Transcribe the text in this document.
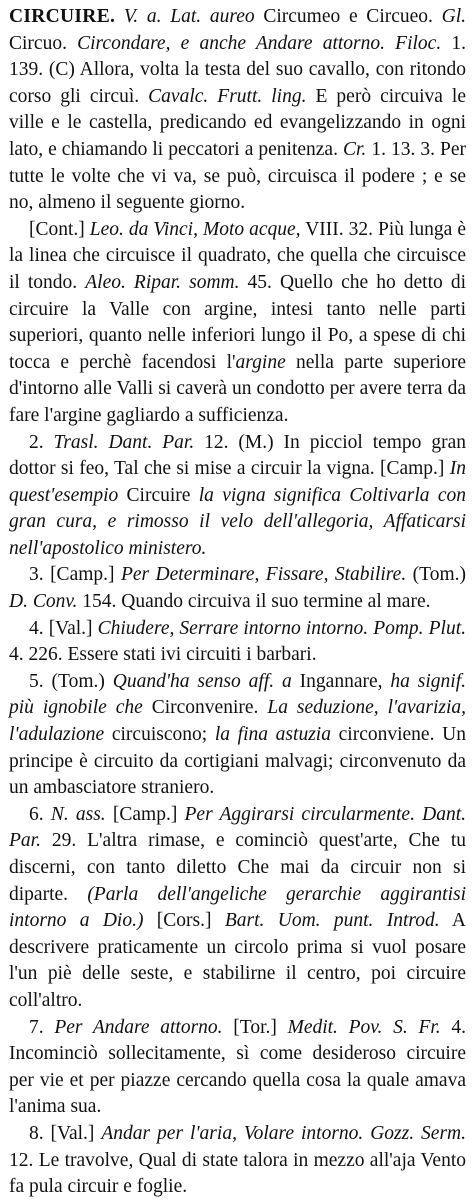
CIRCUIRE. V. a. Lat. aureo Circumeo e Circueo. Gl. Circuo. Circondare, e anche Andare attorno. Filoc. 1. 139. (C) Allora, volta la testa del suo cavallo, con ritondo corso gli circuì. Cavalc. Frutt. ling. E però circuiva le ville e le castella, predicando ed evangelizzando in ogni lato, e chiamando li peccatori a penitenza. Cr. 1. 13. 3. Per tutte le volte che vi va, se può, circuisca il podere ; e se no, almeno il seguente giorno.

[Cont.] Leo. da Vinci, Moto acque, VIII. 32. Più lunga è la linea che circuisce il quadrato, che quella che circuisce il tondo. Aleo. Ripar. somm. 45. Quello che ho detto di circuire la Valle con argine, intesi tanto nelle parti superiori, quanto nelle inferiori lungo il Po, a spese di chi tocca e perchè facendosi l'argine nella parte superiore d'intorno alle Valli si caverà un condotto per avere terra da fare l'argine gagliardo a sufficienza.

2. Trasl. Dant. Par. 12. (M.) In picciol tempo gran dottor si feo, Tal che si mise a circuir la vigna. [Camp.] In quest'esempio Circuire la vigna significa Coltivarla con gran cura, e rimosso il velo dell'allegoria, Affaticarsi nell'apostolico ministero.

3. [Camp.] Per Determinare, Fissare, Stabilire. (Tom.) D. Conv. 154. Quando circuiva il suo termine al mare.

4. [Val.] Chiudere, Serrare intorno intorno. Pomp. Plut. 4. 226. Essere stati ivi circuiti i barbari.

5. (Tom.) Quand'ha senso aff. a Ingannare, ha signif. più ignobile che Circonvenire. La seduzione, l'avarizia, l'adulazione circuiscono; la fina astuzia circonviene. Un principe è circuito da cortigiani malvagi; circonvenuto da un ambasciatore straniero.

6. N. ass. [Camp.] Per Aggirarsi circularmente. Dant. Par. 29. L'altra rimase, e cominciò quest'arte, Che tu discerni, con tanto diletto Che mai da circuir non si diparte. (Parla dell'angeliche gerarchie aggirantisi intorno a Dio.) [Cors.] Bart. Uom. punt. Introd. A descrivere praticamente un circolo prima si vuol posare l'un piè delle seste, e stabilirne il centro, poi circuire coll'altro.

7. Per Andare attorno. [Tor.] Medit. Pov. S. Fr. 4. Incominciò sollecitamente, sì come desideroso circuire per vie et per piazze cercando quella cosa la quale amava l'anima sua.

8. [Val.] Andar per l'aria, Volare intorno. Gozz. Serm. 12. Le travolve, Qual di state talora in mezzo all'aja Vento fa pula circuir e foglie.
